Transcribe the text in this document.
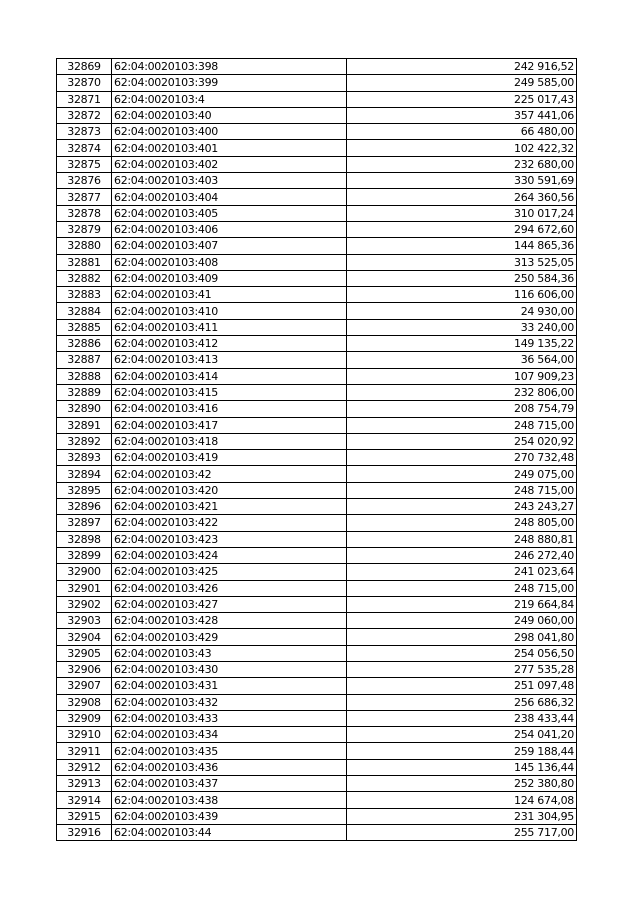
32869	62:04:0020103:398	242 916,52
32870	62:04:0020103:399	249 585,00
32871	62:04:0020103:4	225 017,43
32872	62:04:0020103:40	357 441,06
32873	62:04:0020103:400	66 480,00
32874	62:04:0020103:401	102 422,32
32875	62:04:0020103:402	232 680,00
32876	62:04:0020103:403	330 591,69
32877	62:04:0020103:404	264 360,56
32878	62:04:0020103:405	310 017,24
32879	62:04:0020103:406	294 672,60
32880	62:04:0020103:407	144 865,36
32881	62:04:0020103:408	313 525,05
32882	62:04:0020103:409	250 584,36
32883	62:04:0020103:41	116 606,00
32884	62:04:0020103:410	24 930,00
32885	62:04:0020103:411	33 240,00
32886	62:04:0020103:412	149 135,22
32887	62:04:0020103:413	36 564,00
32888	62:04:0020103:414	107 909,23
32889	62:04:0020103:415	232 806,00
32890	62:04:0020103:416	208 754,79
32891	62:04:0020103:417	248 715,00
32892	62:04:0020103:418	254 020,92
32893	62:04:0020103:419	270 732,48
32894	62:04:0020103:42	249 075,00
32895	62:04:0020103:420	248 715,00
32896	62:04:0020103:421	243 243,27
32897	62:04:0020103:422	248 805,00
32898	62:04:0020103:423	248 880,81
32899	62:04:0020103:424	246 272,40
32900	62:04:0020103:425	241 023,64
32901	62:04:0020103:426	248 715,00
32902	62:04:0020103:427	219 664,84
32903	62:04:0020103:428	249 060,00
32904	62:04:0020103:429	298 041,80
32905	62:04:0020103:43	254 056,50
32906	62:04:0020103:430	277 535,28
32907	62:04:0020103:431	251 097,48
32908	62:04:0020103:432	256 686,32
32909	62:04:0020103:433	238 433,44
32910	62:04:0020103:434	254 041,20
32911	62:04:0020103:435	259 188,44
32912	62:04:0020103:436	145 136,44
32913	62:04:0020103:437	252 380,80
32914	62:04:0020103:438	124 674,08
32915	62:04:0020103:439	231 304,95
32916	62:04:0020103:44	255 717,00
